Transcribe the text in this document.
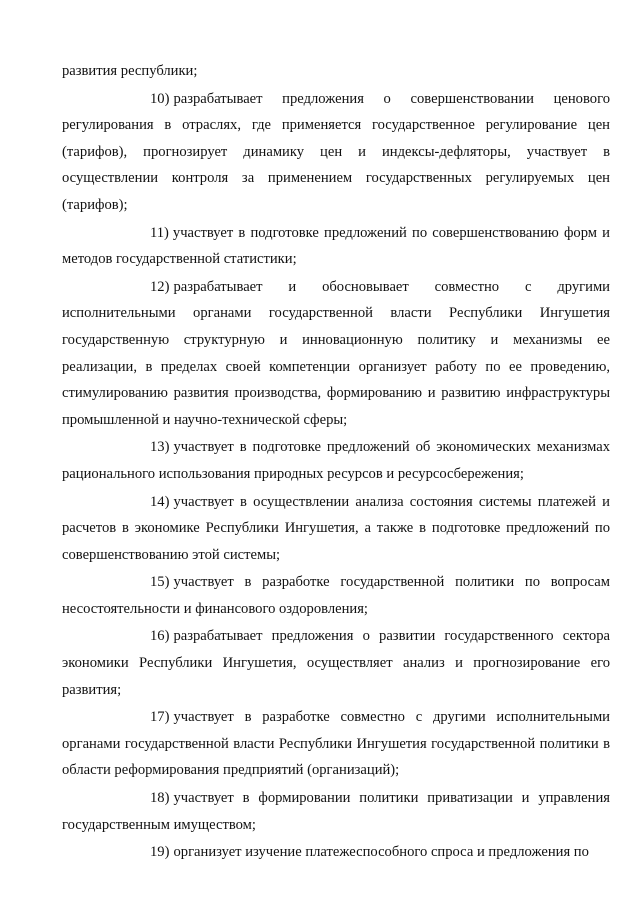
развития республики;

10) разрабатывает предложения о совершенствовании ценового регулирования в отраслях, где применяется государственное регулирование цен (тарифов), прогнозирует динамику цен и индексы-дефляторы, участвует в осуществлении контроля за применением государственных регулируемых цен (тарифов);

11) участвует в подготовке предложений по совершенствованию форм и методов государственной статистики;

12) разрабатывает и обосновывает совместно с другими исполнительными органами государственной власти Республики Ингушетия государственную структурную и инновационную политику и механизмы ее реализации, в пределах своей компетенции организует работу по ее проведению, стимулированию развития производства, формированию и развитию инфраструктуры промышленной и научно-технической сферы;

13) участвует в подготовке предложений об экономических механизмах рационального использования природных ресурсов и ресурсосбережения;

14) участвует в осуществлении анализа состояния системы платежей и расчетов в экономике Республики Ингушетия, а также в подготовке предложений по совершенствованию этой системы;

15) участвует в разработке государственной политики по вопросам несостоятельности и финансового оздоровления;

16) разрабатывает предложения о развитии государственного сектора экономики Республики Ингушетия, осуществляет анализ и прогнозирование его развития;

17) участвует в разработке совместно с другими исполнительными органами государственной власти Республики Ингушетия государственной политики в области реформирования предприятий (организаций);

18) участвует в формировании политики приватизации и управления государственным имуществом;

19) организует изучение платежеспособного спроса и предложения по
